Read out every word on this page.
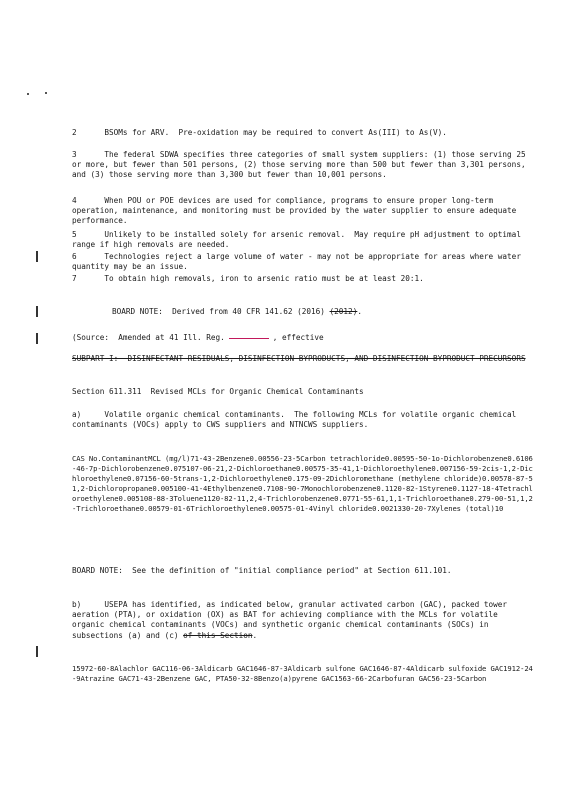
2      BSOMs for ARV.  Pre-oxidation may be required to convert As(III) to As(V).

3      The federal SDWA specifies three categories of small system suppliers: (1) those serving 25 or more, but fewer than 501 persons, (2) those serving more than 500 but fewer than 3,301 persons, and (3) those serving more than 3,300 but fewer than 10,001 persons.

4      When POU or POE devices are used for compliance, programs to ensure proper long-term operation, maintenance, and monitoring must be provided by the water supplier to ensure adequate performance.

5      Unlikely to be installed solely for arsenic removal.  May require pH adjustment to optimal range if high removals are needed.

6      Technologies reject a large volume of water - may not be appropriate for areas where water quantity may be an issue.

7      To obtain high removals, iron to arsenic ratio must be at least 20:1.

BOARD NOTE:  Derived from 40 CFR 141.62 (2016) (2012).

(Source:  Amended at 41 Ill. Reg.	, effective

SUBPART I:  DISINFECTANT RESIDUALS, DISINFECTION BYPRODUCTS, AND DISINFECTION BYPRODUCT PRECURSORS

Section 611.311  Revised MCLs for Organic Chemical Contaminants

a)     Volatile organic chemical contaminants.  The following MCLs for volatile organic chemical contaminants (VOCs) apply to CWS suppliers and NTNCWS suppliers.

CAS No.ContaminantMCL (mg/l)71-43-2Benzene0.00556-23-5Carbon tetrachloride0.00595-50-1o-Dichlorobenzene0.6106-46-7p-Dichlorobenzene0.075107-06-21,2-Dichloroethane0.00575-35-41,1-Dichloroethylene0.007156-59-2cis-1,2-Dichloroethylene0.07156-60-5trans-1,2-Dichloroethylene0.175-09-2Dichloromethane (methylene chloride)0.00578-87-51,2-Dichloropropane0.005100-41-4Ethylbenzene0.7108-90-7Monochlorobenzene0.1120-82-1Styrene0.1127-18-4Tetrachloroethylene0.005108-88-3Toluene1120-82-11,2,4-Trichlorobenzene0.0771-55-61,1,1-Trichloroethane0.279-00-51,1,2-Trichloroethane0.00579-01-6Trichloroethylene0.00575-01-4Vinyl chloride0.0021330-20-7Xylenes (total)10

BOARD NOTE:  See the definition of "initial compliance period" at Section 611.101.

b)     USEPA has identified, as indicated below, granular activated carbon (GAC), packed tower aeration (PTA), or oxidation (OX) as BAT for achieving compliance with the MCLs for volatile organic chemical contaminants (VOCs) and synthetic organic chemical contaminants (SOCs) in subsections (a) and (c) of this Section.

15972-60-8Alachlor GAC116-06-3Aldicarb GAC1646-87-3Aldicarb sulfone GAC1646-87-4Aldicarb sulfoxide GAC1912-24-9Atrazine GAC71-43-2Benzene GAC, PTA50-32-8Benzo(a)pyrene GAC1563-66-2Carbofuran GAC56-23-5Carbon
